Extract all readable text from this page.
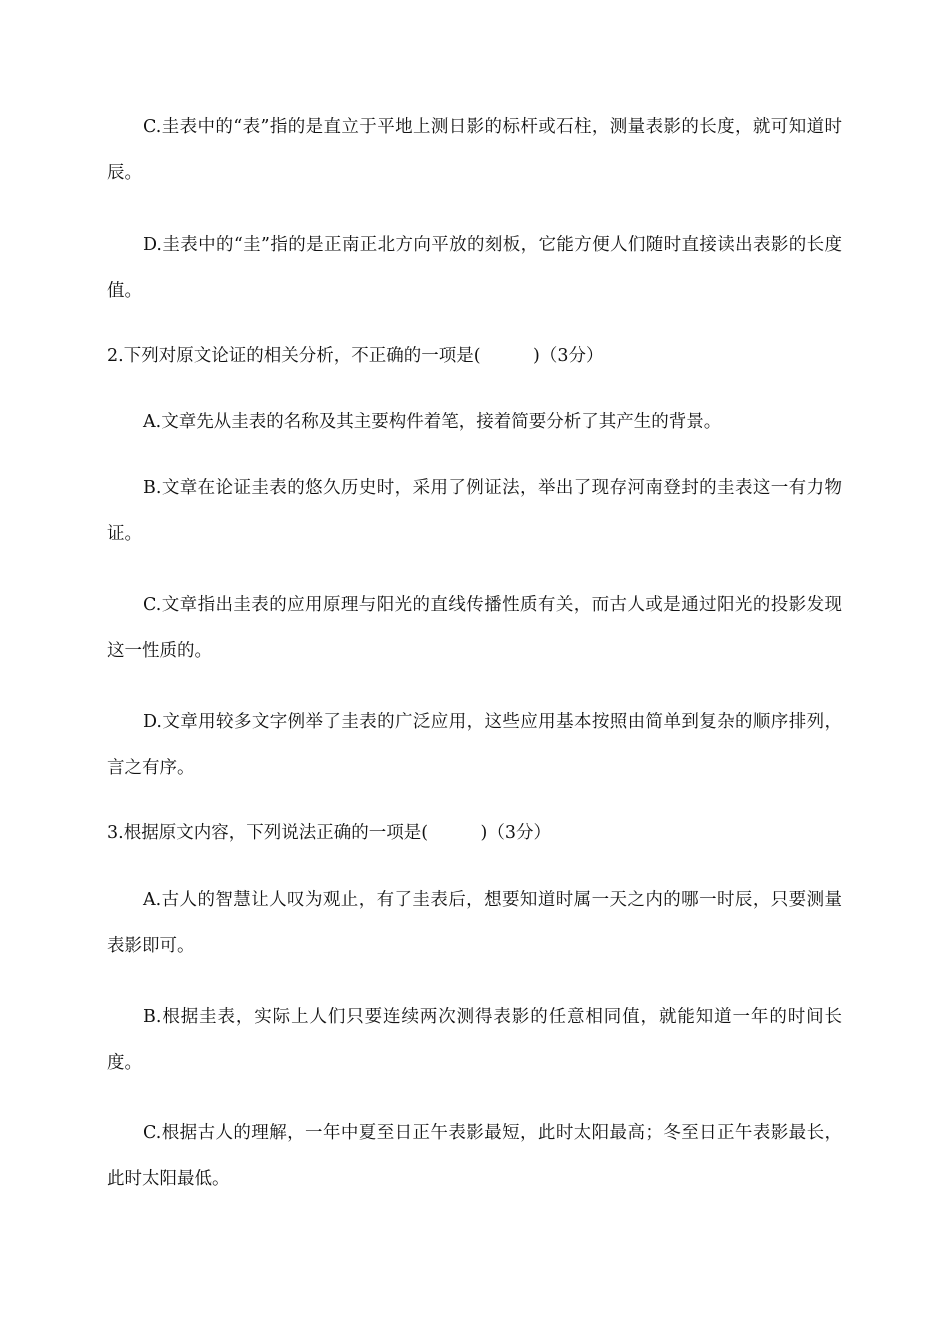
C.圭表中的“表”指的是直立于平地上测日影的标杆或石柱，测量表影的长度，就可知道时辰。

D.圭表中的“圭”指的是正南正北方向平放的刻板，它能方便人们随时直接读出表影的长度值。

2.下列对原文论证的相关分析，不正确的一项是(　　　)（3分）

A.文章先从圭表的名称及其主要构件着笔，接着简要分析了其产生的背景。

B.文章在论证圭表的悠久历史时，采用了例证法，举出了现存河南登封的圭表这一有力物证。

C.文章指出圭表的应用原理与阳光的直线传播性质有关，而古人或是通过阳光的投影发现这一性质的。

D.文章用较多文字例举了圭表的广泛应用，这些应用基本按照由简单到复杂的顺序排列，言之有序。

3.根据原文内容，下列说法正确的一项是(　　　)（3分）

A.古人的智慧让人叹为观止，有了圭表后，想要知道时属一天之内的哪一时辰，只要测量表影即可。

B.根据圭表，实际上人们只要连续两次测得表影的任意相同值，就能知道一年的时间长度。

C.根据古人的理解，一年中夏至日正午表影最短，此时太阳最高；冬至日正午表影最长，此时太阳最低。
